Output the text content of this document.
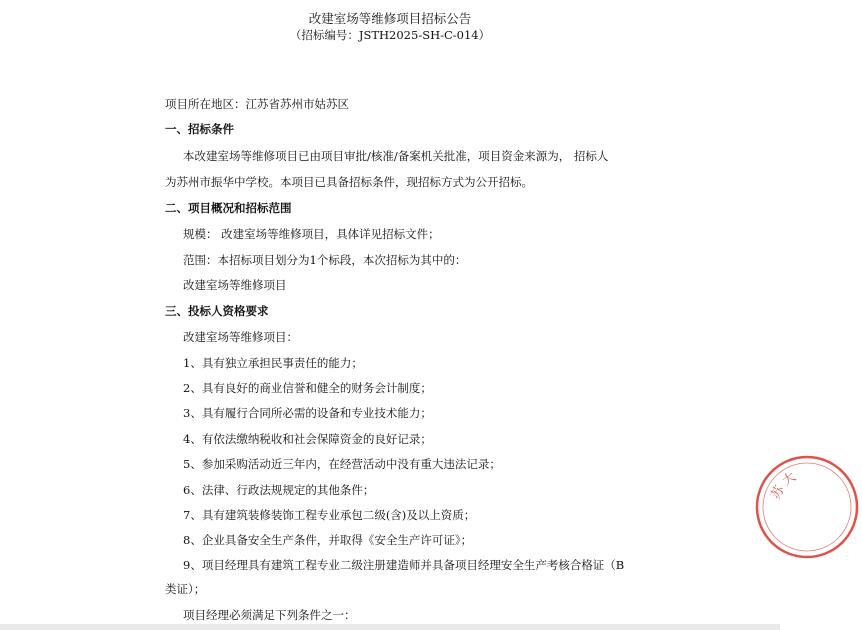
改建室场等维修项目招标公告
（招标编号：JSTH2025-SH-C-014）
项目所在地区：江苏省苏州市姑苏区
一、招标条件
本改建室场等维修项目已由项目审批/核准/备案机关批准，项目资金来源为， 招标人
为苏州市振华中学校。本项目已具备招标条件，现招标方式为公开招标。
二、项目概况和招标范围
规模： 改建室场等维修项目，具体详见招标文件；
范围：本招标项目划分为1个标段，本次招标为其中的：
改建室场等维修项目
三、投标人资格要求
改建室场等维修项目：
1、具有独立承担民事责任的能力；
2、具有良好的商业信誉和健全的财务会计制度；
3、具有履行合同所必需的设备和专业技术能力；
4、有依法缴纳税收和社会保障资金的良好记录；
5、参加采购活动近三年内，在经营活动中没有重大违法记录；
6、法律、行政法规规定的其他条件；
7、具有建筑装修装饰工程专业承包二级(含)及以上资质；
8、企业具备安全生产条件，并取得《安全生产许可证》；
9、项目经理具有建筑工程专业二级注册建造师并具备项目经理安全生产考核合格证（B
类证）；
项目经理必须满足下列条件之一：
苏
大
